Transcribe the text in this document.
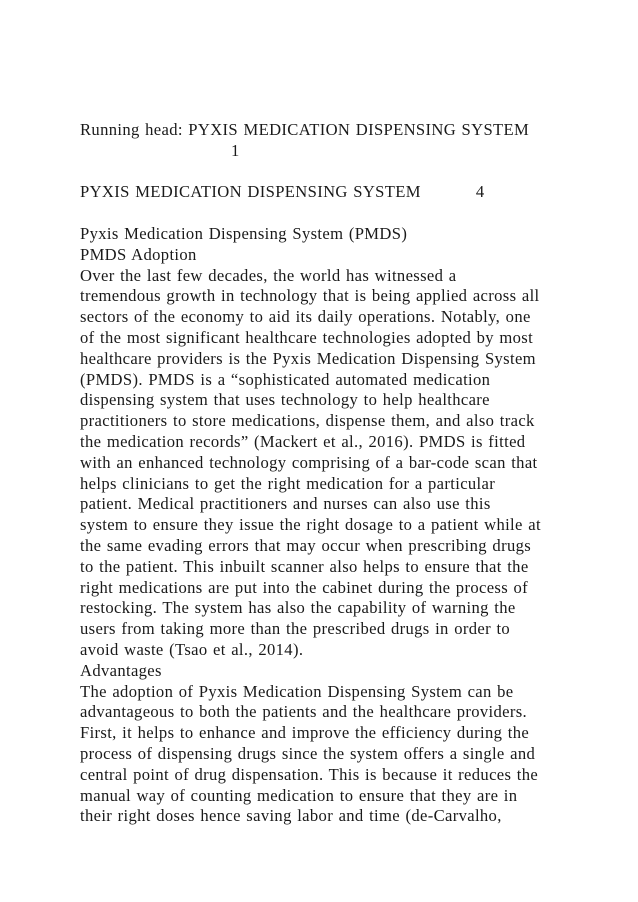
Running head: PYXIS MEDICATION DISPENSING SYSTEM
1
PYXIS MEDICATION DISPENSING SYSTEM	4
Pyxis Medication Dispensing System (PMDS)
PMDS Adoption
Over the last few decades, the world has witnessed a
tremendous growth in technology that is being applied across all
sectors of the economy to aid its daily operations. Notably, one
of the most significant healthcare technologies adopted by most
healthcare providers is the Pyxis Medication Dispensing System
(PMDS). PMDS is a “sophisticated automated medication
dispensing system that uses technology to help healthcare
practitioners to store medications, dispense them, and also track
the medication records” (Mackert et al., 2016). PMDS is fitted
with an enhanced technology comprising of a bar-code scan that
helps clinicians to get the right medication for a particular
patient. Medical practitioners and nurses can also use this
system to ensure they issue the right dosage to a patient while at
the same evading errors that may occur when prescribing drugs
to the patient. This inbuilt scanner also helps to ensure that the
right medications are put into the cabinet during the process of
restocking. The system has also the capability of warning the
users from taking more than the prescribed drugs in order to
avoid waste (Tsao et al., 2014).
Advantages
The adoption of Pyxis Medication Dispensing System can be
advantageous to both the patients and the healthcare providers.
First, it helps to enhance and improve the efficiency during the
process of dispensing drugs since the system offers a single and
central point of drug dispensation. This is because it reduces the
manual way of counting medication to ensure that they are in
their right doses hence saving labor and time (de-Carvalho,
